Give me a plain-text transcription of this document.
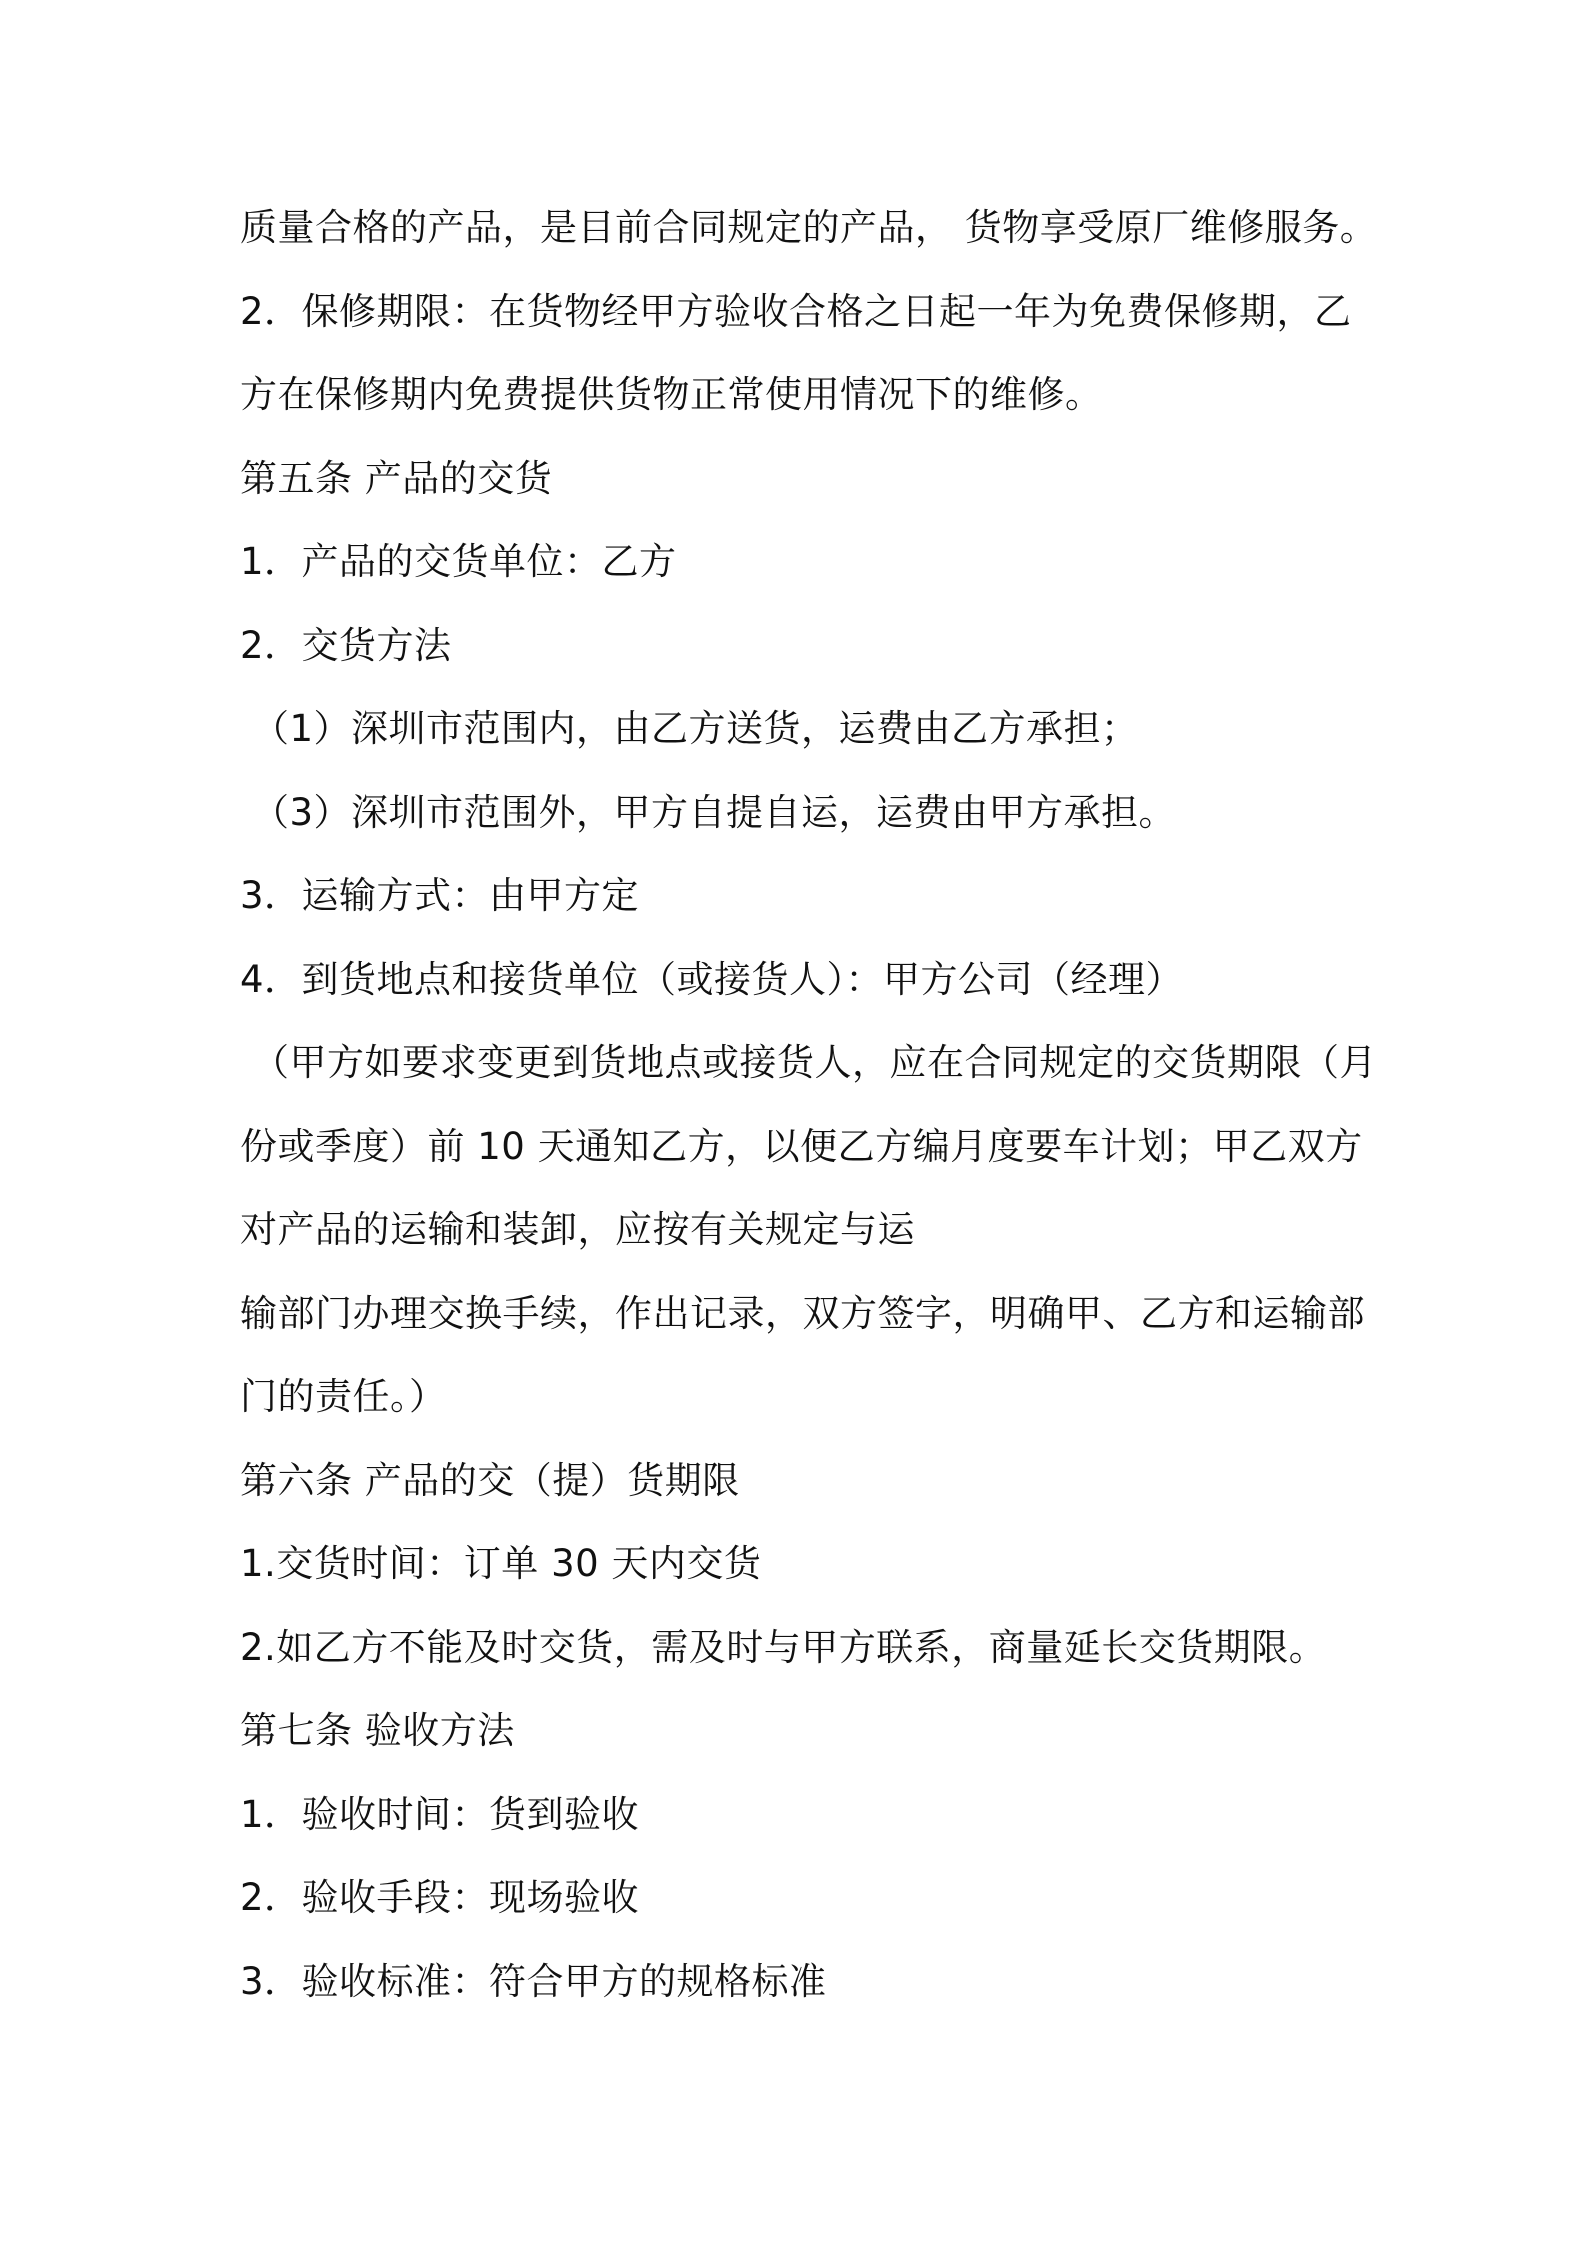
质量合格的产品，是目前合同规定的产品， 货物享受原厂维修服务。
2．保修期限：在货物经甲方验收合格之日起一年为免费保修期，乙
方在保修期内免费提供货物正常使用情况下的维修。
第五条 产品的交货
1．产品的交货单位：乙方
2．交货方法
（1）深圳市范围内，由乙方送货，运费由乙方承担；
（3）深圳市范围外，甲方自提自运，运费由甲方承担。
3．运输方式：由甲方定
4．到货地点和接货单位（或接货人）：甲方公司（经理）
（甲方如要求变更到货地点或接货人，应在合同规定的交货期限（月
份或季度）前 10 天通知乙方，以便乙方编月度要车计划；甲乙双方
对产品的运输和装卸，应按有关规定与运
输部门办理交换手续，作出记录，双方签字，明确甲、乙方和运输部
门的责任。）
第六条 产品的交（提）货期限
1.交货时间：订单 30 天内交货
2.如乙方不能及时交货，需及时与甲方联系，商量延长交货期限。
第七条 验收方法
1．验收时间：货到验收
2．验收手段：现场验收
3．验收标准：符合甲方的规格标准
